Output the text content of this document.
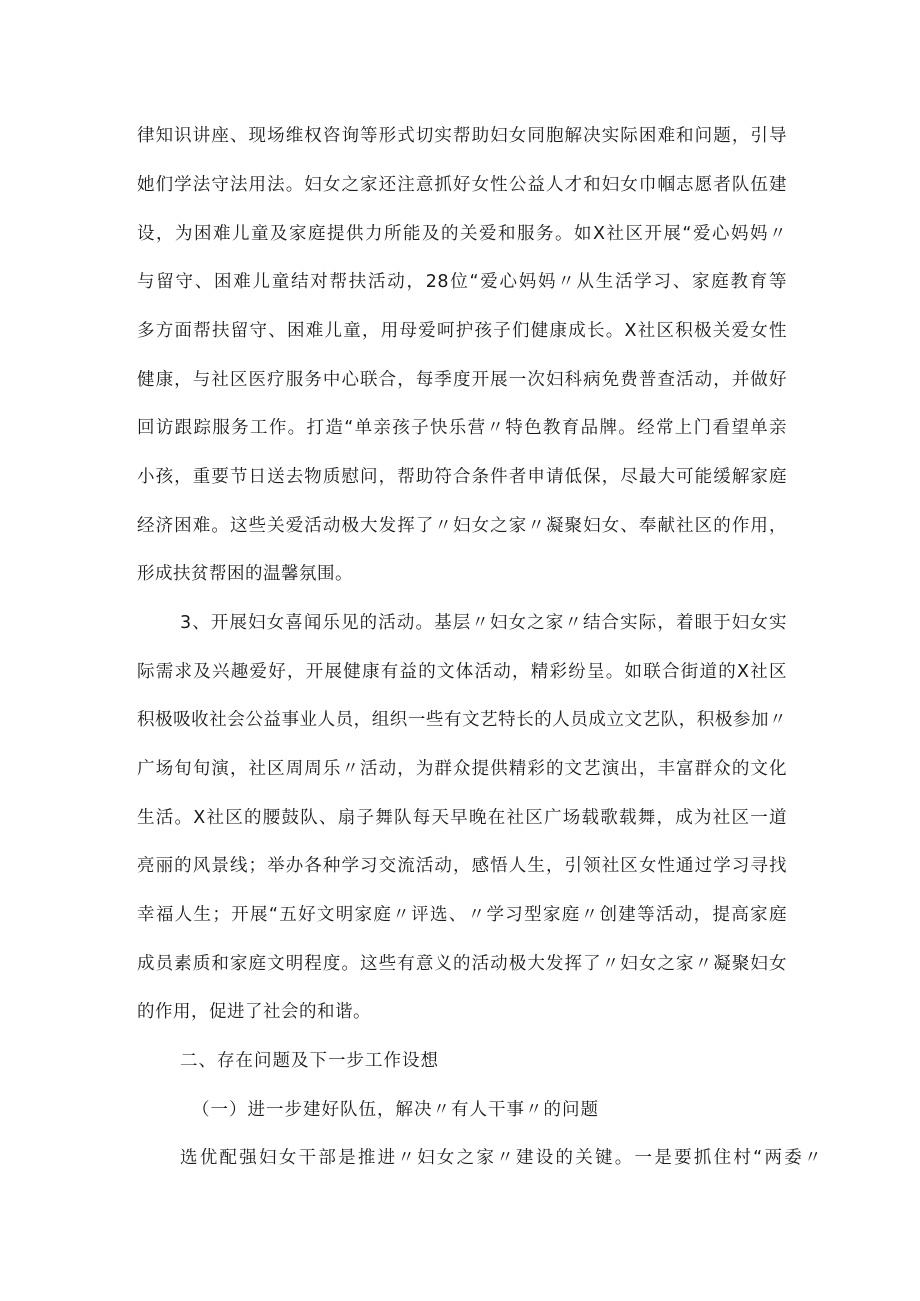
律知识讲座、现场维权咨询等形式切实帮助妇女同胞解决实际困难和问题，引导
她们学法守法用法。妇女之家还注意抓好女性公益人才和妇女巾帼志愿者队伍建
设，为困难儿童及家庭提供力所能及的关爱和服务。如X社区开展“爱心妈妈〃
与留守、困难儿童结对帮扶活动，28位“爱心妈妈〃从生活学习、家庭教育等
多方面帮扶留守、困难儿童，用母爱呵护孩子们健康成长。X社区积极关爱女性
健康，与社区医疗服务中心联合，每季度开展一次妇科病免费普查活动，并做好
回访跟踪服务工作。打造“单亲孩子快乐营〃特色教育品牌。经常上门看望单亲
小孩，重要节日送去物质慰问，帮助符合条件者申请低保，尽最大可能缓解家庭
经济困难。这些关爱活动极大发挥了〃妇女之家〃凝聚妇女、奉献社区的作用，
形成扶贫帮困的温馨氛围。
3、开展妇女喜闻乐见的活动。基层〃妇女之家〃结合实际，着眼于妇女实
际需求及兴趣爱好，开展健康有益的文体活动，精彩纷呈。如联合街道的X社区
积极吸收社会公益事业人员，组织一些有文艺特长的人员成立文艺队，积极参加〃
广场旬旬演，社区周周乐〃活动，为群众提供精彩的文艺演出，丰富群众的文化
生活。X社区的腰鼓队、扇子舞队每天早晚在社区广场载歌载舞，成为社区一道
亮丽的风景线；举办各种学习交流活动，感悟人生，引领社区女性通过学习寻找
幸福人生；开展“五好文明家庭〃评选、〃学习型家庭〃创建等活动，提高家庭
成员素质和家庭文明程度。这些有意义的活动极大发挥了〃妇女之家〃凝聚妇女
的作用，促进了社会的和谐。
二、存在问题及下一步工作设想
（一）进一步建好队伍，解决〃有人干事〃的问题
选优配强妇女干部是推进〃妇女之家〃建设的关键。一是要抓住村“两委〃
